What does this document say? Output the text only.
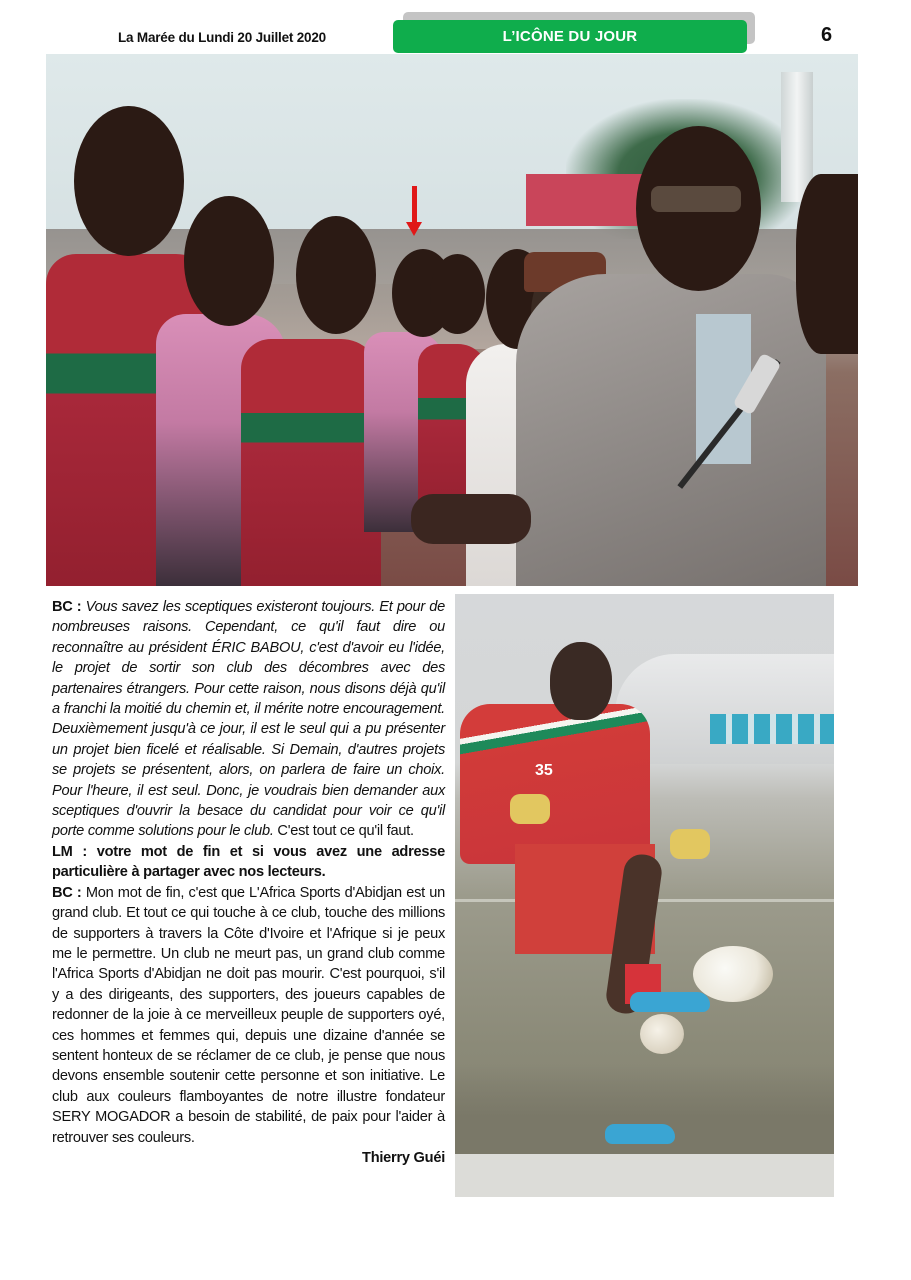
La Marée du Lundi 20 Juillet 2020	L’ICÔNE DU JOUR	6

BC : Vous savez les sceptiques existeront toujours. Et pour de nombreuses raisons. Cependant, ce qu'il faut dire ou reconnaître au président ÉRIC BABOU, c'est d'avoir eu l'idée, le projet de sortir son club des décombres avec des partenaires étrangers. Pour cette raison, nous disons déjà qu'il a franchi la moitié du chemin et, il mérite notre encouragement. Deuxièmement jusqu'à ce jour, il est le seul qui a pu présenter un projet bien ficelé et réalisable. Si Demain, d'autres projets se projets se présentent, alors, on parlera de faire un choix. Pour l'heure, il est seul. Donc, je voudrais bien demander aux sceptiques d'ouvrir la besace du candidat pour voir ce qu'il porte comme solutions pour le club. C'est tout ce qu'il faut.

LM : votre mot de fin et si vous avez une adresse particulière à partager avec nos lecteurs.

BC : Mon mot de fin, c'est que L'Africa Sports d'Abidjan est un grand club. Et tout ce qui touche à ce club, touche des millions de supporters à travers la Côte d'Ivoire et l'Afrique si je peux me le permettre. Un club ne meurt pas, un grand club comme l'Africa Sports d'Abidjan ne doit pas mourir. C'est pourquoi, s'il y a des dirigeants, des supporters, des joueurs capables de redonner de la joie à ce merveilleux peuple de supporters oyé, ces hommes et femmes qui, depuis une dizaine d'année se sentent honteux de se réclamer de ce club, je pense que nous devons ensemble soutenir cette personne et son initiative. Le club aux couleurs flamboyantes de notre illustre fondateur SERY MOGADOR a besoin de stabilité, de paix pour l'aider à retrouver ses couleurs.

Thierry Guéi
35
